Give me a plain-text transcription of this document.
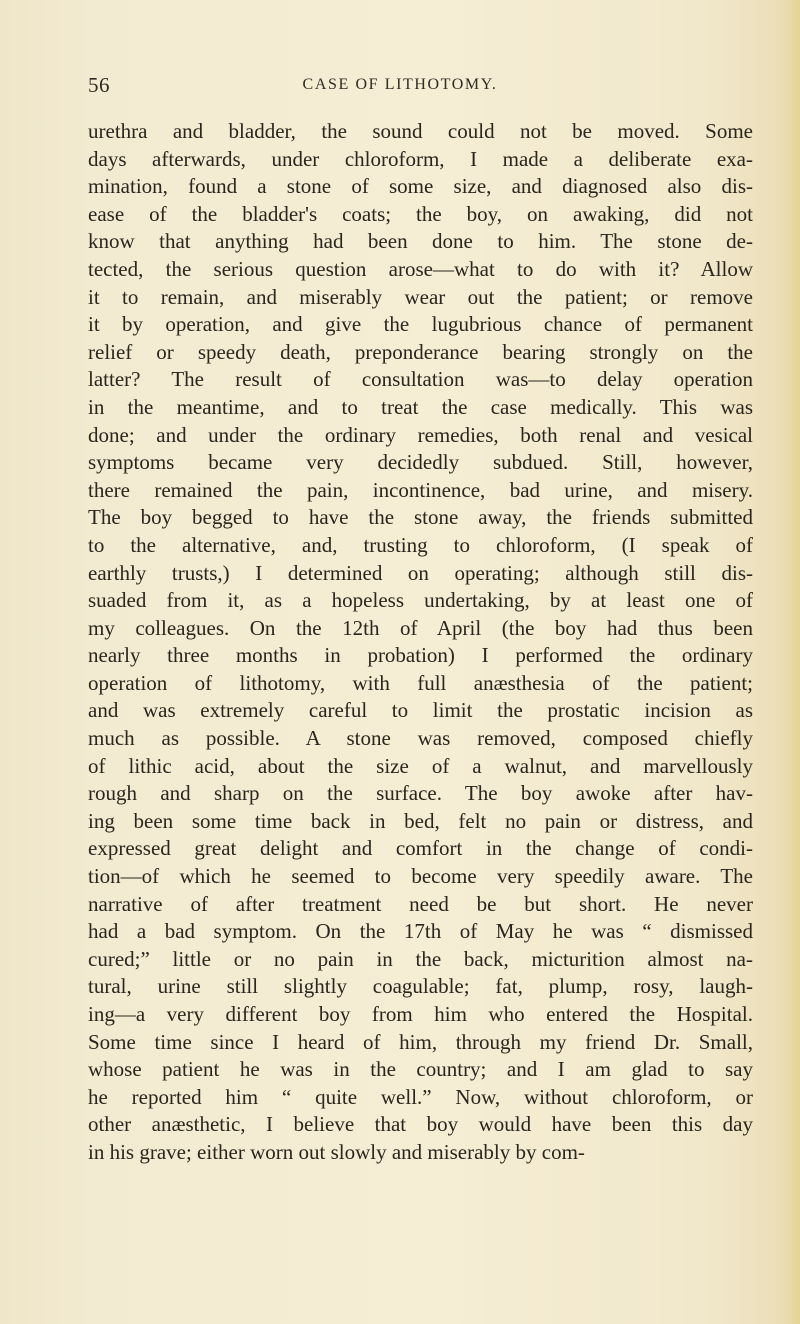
56	CASE OF LITHOTOMY.
urethra and bladder, the sound could not be moved. Some
days afterwards, under chloroform, I made a deliberate exa-
mination, found a stone of some size, and diagnosed also dis-
ease of the bladder's coats; the boy, on awaking, did not
know that anything had been done to him. The stone de-
tected, the serious question arose—what to do with it? Allow
it to remain, and miserably wear out the patient; or remove
it by operation, and give the lugubrious chance of permanent
relief or speedy death, preponderance bearing strongly on the
latter? The result of consultation was—to delay operation
in the meantime, and to treat the case medically. This was
done; and under the ordinary remedies, both renal and vesical
symptoms became very decidedly subdued. Still, however,
there remained the pain, incontinence, bad urine, and misery.
The boy begged to have the stone away, the friends submitted
to the alternative, and, trusting to chloroform, (I speak of
earthly trusts,) I determined on operating; although still dis-
suaded from it, as a hopeless undertaking, by at least one of
my colleagues. On the 12th of April (the boy had thus been
nearly three months in probation) I performed the ordinary
operation of lithotomy, with full anæsthesia of the patient;
and was extremely careful to limit the prostatic incision as
much as possible. A stone was removed, composed chiefly
of lithic acid, about the size of a walnut, and marvellously
rough and sharp on the surface. The boy awoke after hav-
ing been some time back in bed, felt no pain or distress, and
expressed great delight and comfort in the change of condi-
tion—of which he seemed to become very speedily aware. The
narrative of after treatment need be but short. He never
had a bad symptom. On the 17th of May he was “ dismissed
cured;” little or no pain in the back, micturition almost na-
tural, urine still slightly coagulable; fat, plump, rosy, laugh-
ing—a very different boy from him who entered the Hospital.
Some time since I heard of him, through my friend Dr. Small,
whose patient he was in the country; and I am glad to say
he reported him “ quite well.” Now, without chloroform, or
other anæsthetic, I believe that boy would have been this day
in his grave; either worn out slowly and miserably by com-
